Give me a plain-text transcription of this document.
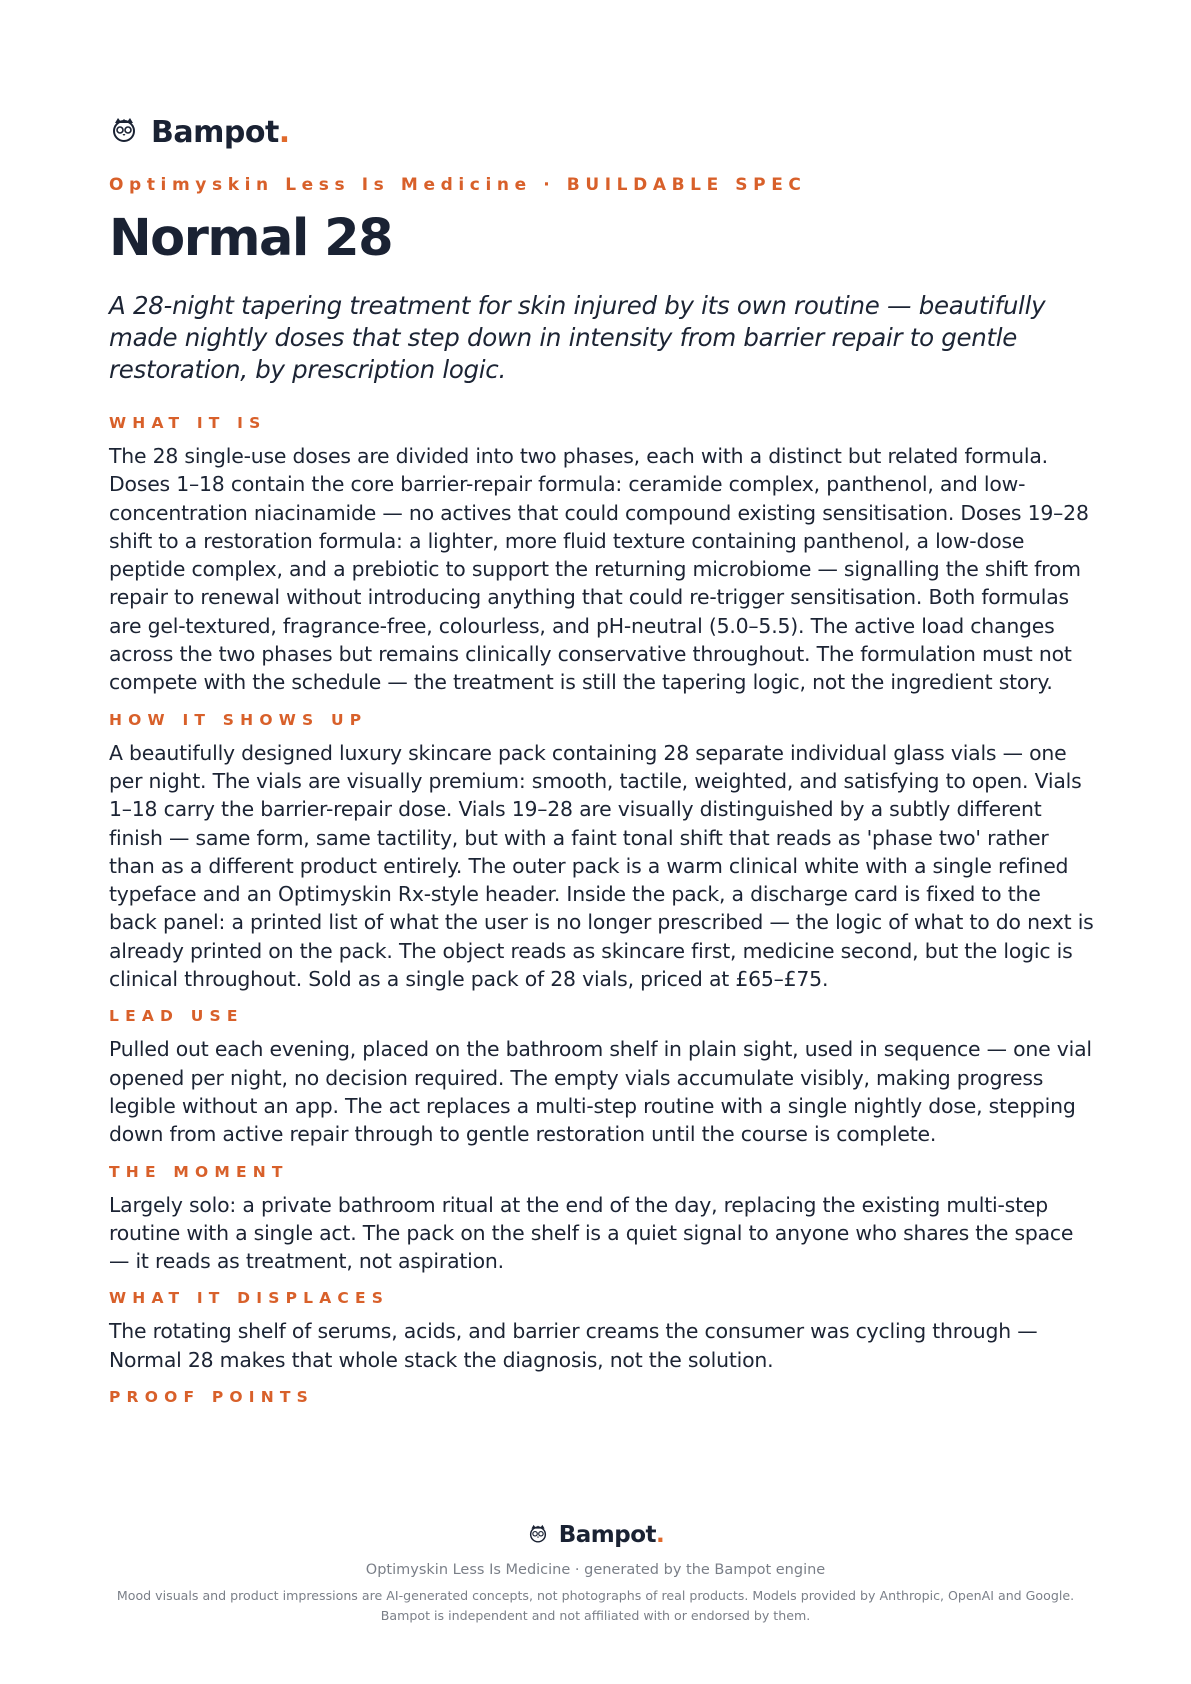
Bampot.
Optimyskin Less Is Medicine · BUILDABLE SPEC
Normal 28
A 28-night tapering treatment for skin injured by its own routine — beautifully made nightly doses that step down in intensity from barrier repair to gentle restoration, by prescription logic.
WHAT IT IS
The 28 single-use doses are divided into two phases, each with a distinct but related formula. Doses 1–18 contain the core barrier-repair formula: ceramide complex, panthenol, and low-concentration niacinamide — no actives that could compound existing sensitisation. Doses 19–28 shift to a restoration formula: a lighter, more fluid texture containing panthenol, a low-dose peptide complex, and a prebiotic to support the returning microbiome — signalling the shift from repair to renewal without introducing anything that could re-trigger sensitisation. Both formulas are gel-textured, fragrance-free, colourless, and pH-neutral (5.0–5.5). The active load changes across the two phases but remains clinically conservative throughout. The formulation must not compete with the schedule — the treatment is still the tapering logic, not the ingredient story.
HOW IT SHOWS UP
A beautifully designed luxury skincare pack containing 28 separate individual glass vials — one per night. The vials are visually premium: smooth, tactile, weighted, and satisfying to open. Vials 1–18 carry the barrier-repair dose. Vials 19–28 are visually distinguished by a subtly different finish — same form, same tactility, but with a faint tonal shift that reads as 'phase two' rather than as a different product entirely. The outer pack is a warm clinical white with a single refined typeface and an Optimyskin Rx-style header. Inside the pack, a discharge card is fixed to the back panel: a printed list of what the user is no longer prescribed — the logic of what to do next is already printed on the pack. The object reads as skincare first, medicine second, but the logic is clinical throughout. Sold as a single pack of 28 vials, priced at £65–£75.
LEAD USE
Pulled out each evening, placed on the bathroom shelf in plain sight, used in sequence — one vial opened per night, no decision required. The empty vials accumulate visibly, making progress legible without an app. The act replaces a multi-step routine with a single nightly dose, stepping down from active repair through to gentle restoration until the course is complete.
THE MOMENT
Largely solo: a private bathroom ritual at the end of the day, replacing the existing multi-step routine with a single act. The pack on the shelf is a quiet signal to anyone who shares the space — it reads as treatment, not aspiration.
WHAT IT DISPLACES
The rotating shelf of serums, acids, and barrier creams the consumer was cycling through — Normal 28 makes that whole stack the diagnosis, not the solution.
PROOF POINTS
Bampot.
Optimyskin Less Is Medicine · generated by the Bampot engine
Mood visuals and product impressions are AI-generated concepts, not photographs of real products. Models provided by Anthropic, OpenAI and Google. Bampot is independent and not affiliated with or endorsed by them.
